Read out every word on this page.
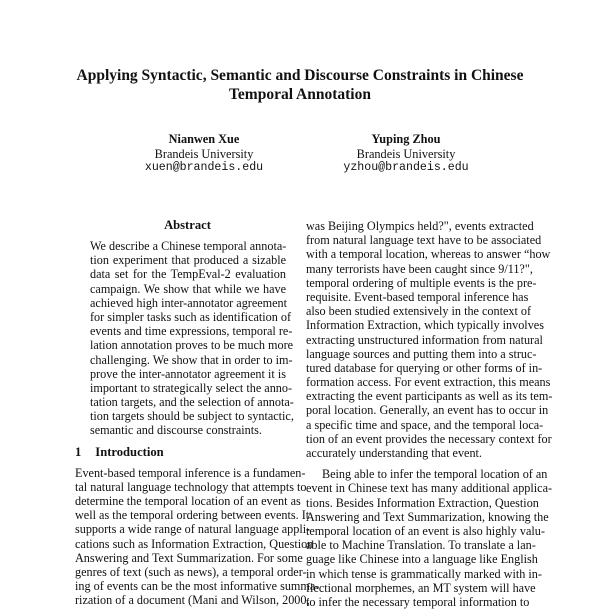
Applying Syntactic, Semantic and Discourse Constraints in Chinese
Temporal Annotation
Nianwen Xue
Brandeis University
xuen@brandeis.edu
Yuping Zhou
Brandeis University
yzhou@brandeis.edu
Abstract
We describe a Chinese temporal annota-
tion experiment that produced a sizable
data set for the TempEval-2 evaluation
campaign. We show that while we have
achieved high inter-annotator agreement
for simpler tasks such as identification of
events and time expressions, temporal re-
lation annotation proves to be much more
challenging. We show that in order to im-
prove the inter-annotator agreement it is
important to strategically select the anno-
tation targets, and the selection of annota-
tion targets should be subject to syntactic,
semantic and discourse constraints.
1 Introduction
Event-based temporal inference is a fundamen-
tal natural language technology that attempts to
determine the temporal location of an event as
well as the temporal ordering between events. It
supports a wide range of natural language appli-
cations such as Information Extraction, Question
Answering and Text Summarization. For some
genres of text (such as news), a temporal order-
ing of events can be the most informative summa-
rization of a document (Mani and Wilson, 2000;
was Beijing Olympics held?", events extracted
from natural language text have to be associated
with a temporal location, whereas to answer “how
many terrorists have been caught since 9/11?",
temporal ordering of multiple events is the pre-
requisite. Event-based temporal inference has
also been studied extensively in the context of
Information Extraction, which typically involves
extracting unstructured information from natural
language sources and putting them into a struc-
tured database for querying or other forms of in-
formation access. For event extraction, this means
extracting the event participants as well as its tem-
poral location. Generally, an event has to occur in
a specific time and space, and the temporal loca-
tion of an event provides the necessary context for
accurately understanding that event.
Being able to infer the temporal location of an
event in Chinese text has many additional applica-
tions. Besides Information Extraction, Question
Answering and Text Summarization, knowing the
temporal location of an event is also highly valu-
able to Machine Translation. To translate a lan-
guage like Chinese into a language like English
in which tense is grammatically marked with in-
flectional morphemes, an MT system will have
to infer the necessary temporal information to
